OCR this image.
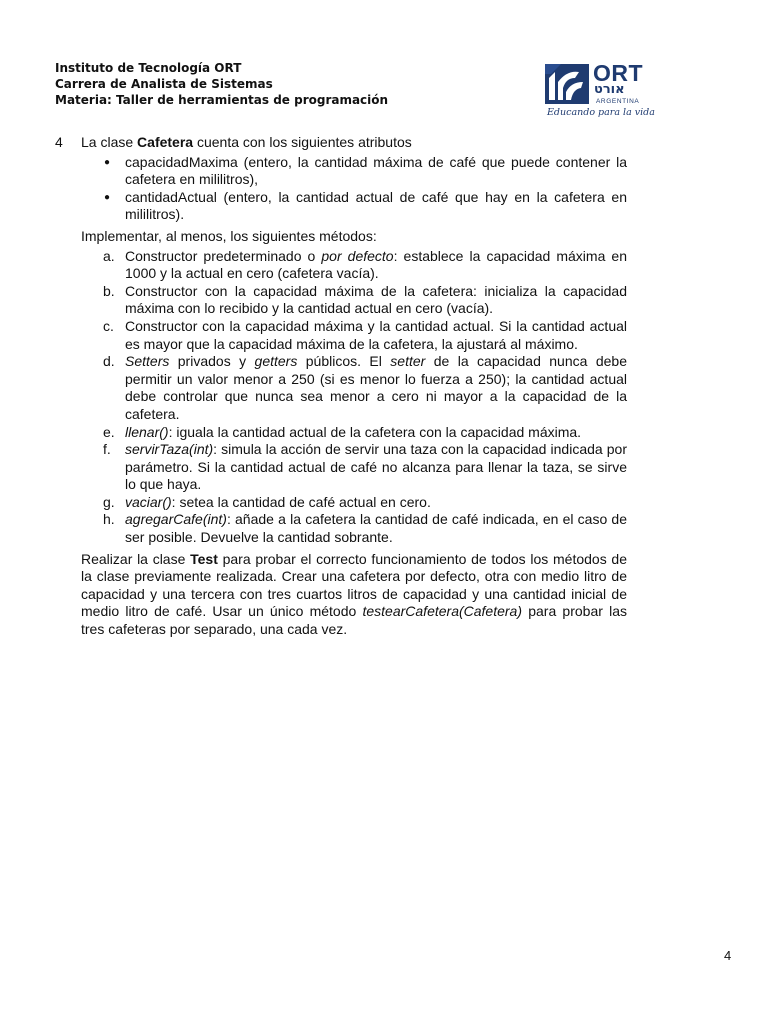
Instituto de Tecnología ORT
Carrera de Analista de Sistemas
Materia: Taller de herramientas de programación
ORT
אורט
ARGENTINA
Educando para la vida
4 La clase Cafetera cuenta con los siguientes atributos
● capacidadMaxima (entero, la cantidad máxima de café que puede contener la cafetera en mililitros),
● cantidadActual (entero, la cantidad actual de café que hay en la cafetera en mililitros).
Implementar, al menos, los siguientes métodos:
a. Constructor predeterminado o por defecto: establece la capacidad máxima en 1000 y la actual en cero (cafetera vacía).
b. Constructor con la capacidad máxima de la cafetera: inicializa la capacidad máxima con lo recibido y la cantidad actual en cero (vacía).
c. Constructor con la capacidad máxima y la cantidad actual. Si la cantidad actual es mayor que la capacidad máxima de la cafetera, la ajustará al máximo.
d. Setters privados y getters públicos. El setter de la capacidad nunca debe permitir un valor menor a 250 (si es menor lo fuerza a 250); la cantidad actual debe controlar que nunca sea menor a cero ni mayor a la capacidad de la cafetera.
e. llenar(): iguala la cantidad actual de la cafetera con la capacidad máxima.
f. servirTaza(int): simula la acción de servir una taza con la capacidad indicada por parámetro. Si la cantidad actual de café no alcanza para llenar la taza, se sirve lo que haya.
g. vaciar(): setea la cantidad de café actual en cero.
h. agregarCafe(int): añade a la cafetera la cantidad de café indicada, en el caso de ser posible. Devuelve la cantidad sobrante.
Realizar la clase Test para probar el correcto funcionamiento de todos los métodos de la clase previamente realizada. Crear una cafetera por defecto, otra con medio litro de capacidad y una tercera con tres cuartos litros de capacidad y una cantidad inicial de medio litro de café. Usar un único método testearCafetera(Cafetera) para probar las tres cafeteras por separado, una cada vez.
4
